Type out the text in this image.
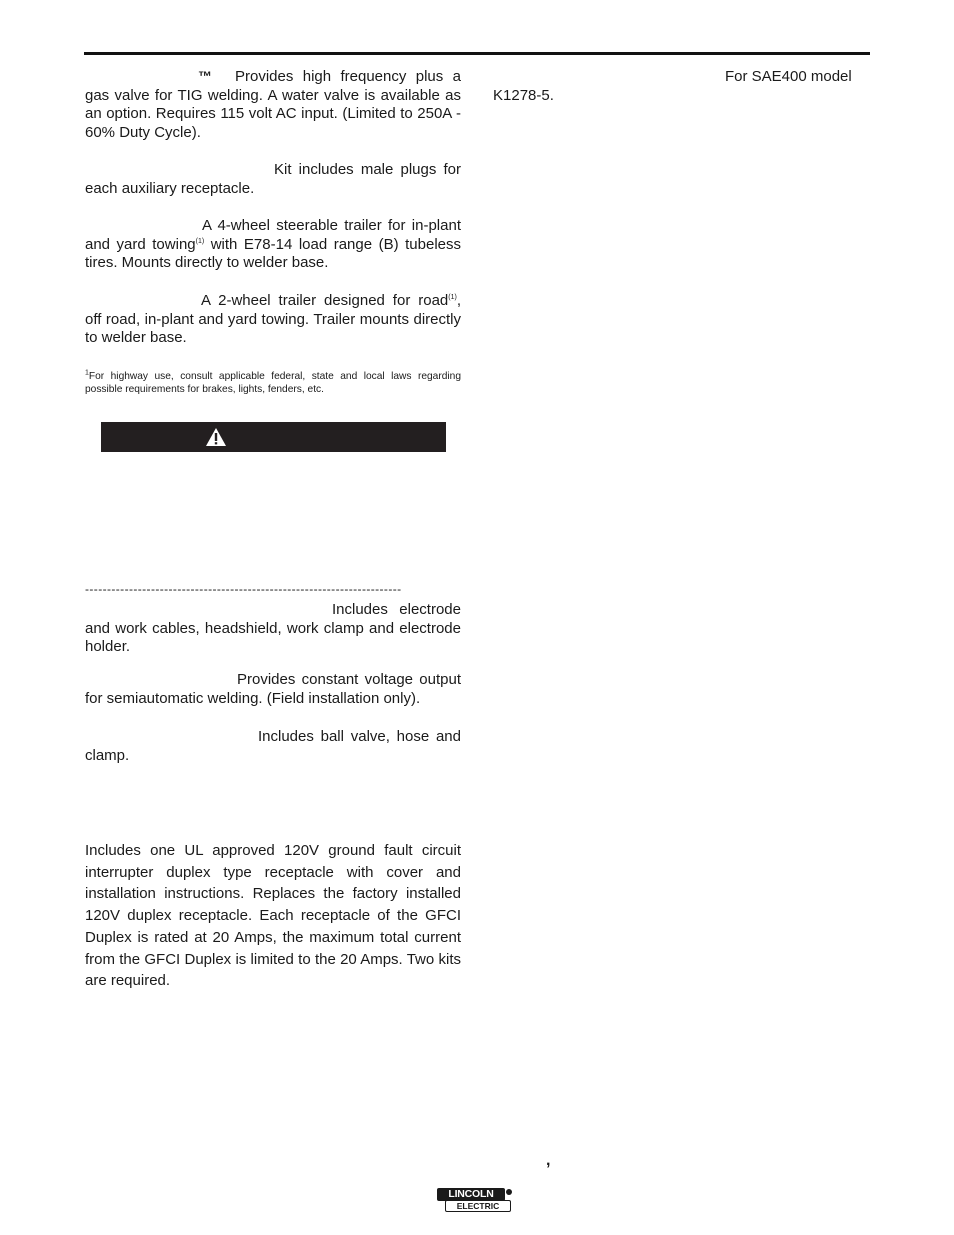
™	Provides high frequency plus a gas valve for TIG welding. A water valve is available as an option. Requires 115 volt AC input. (Limited to 250A - 60% Duty Cycle).

Kit includes male plugs for each auxiliary receptacle.

A 4-wheel steerable trailer for in-plant and yard towing$^{(1)}$ with E78-14 load range (B) tubeless tires. Mounts directly to welder base.

A 2-wheel trailer designed for road$^{(1)}$, off road, in-plant and yard towing. Trailer mounts directly to welder base.

$^1$For highway use, consult applicable federal, state and local laws regarding possible requirements for brakes, lights, fenders, etc.

Includes electrode and work cables, headshield, work clamp and electrode holder.

Provides constant voltage output for semiautomatic welding. (Field installation only).

Includes ball valve, hose and clamp.

Includes one UL approved 120V ground fault circuit interrupter duplex type receptacle with cover and installation instructions. Replaces the factory installed 120V duplex receptacle. Each receptacle of the GFCI Duplex is rated at 20 Amps, the maximum total current from the GFCI Duplex is limited to the 20 Amps. Two kits are required.

------------------------------------------------------------------------

For SAE400 model K1278-5.

,
LINCOLN
ELECTRIC
